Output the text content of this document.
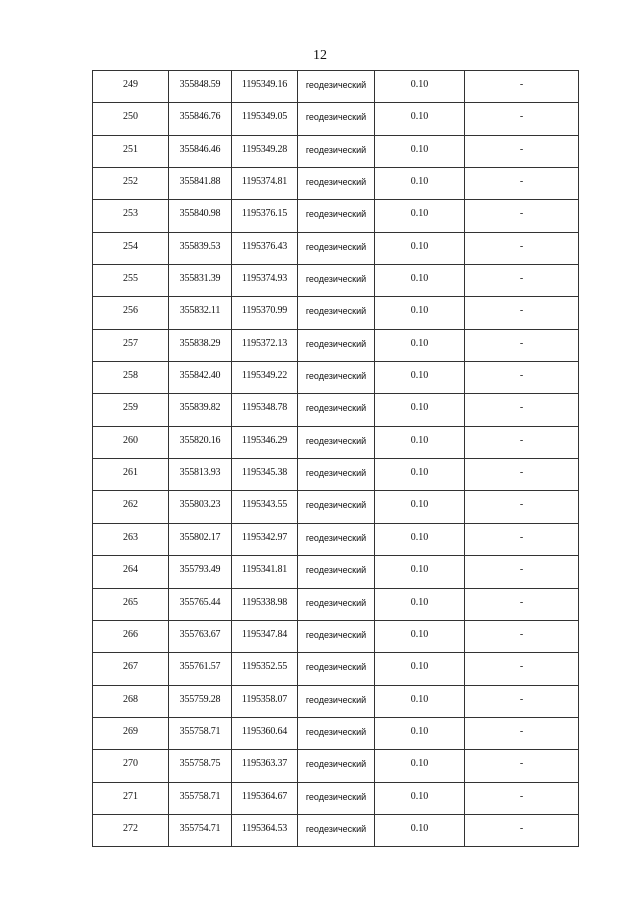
12
249	355848.59	1195349.16	геодезический	0.10	-
250	355846.76	1195349.05	геодезический	0.10	-
251	355846.46	1195349.28	геодезический	0.10	-
252	355841.88	1195374.81	геодезический	0.10	-
253	355840.98	1195376.15	геодезический	0.10	-
254	355839.53	1195376.43	геодезический	0.10	-
255	355831.39	1195374.93	геодезический	0.10	-
256	355832.11	1195370.99	геодезический	0.10	-
257	355838.29	1195372.13	геодезический	0.10	-
258	355842.40	1195349.22	геодезический	0.10	-
259	355839.82	1195348.78	геодезический	0.10	-
260	355820.16	1195346.29	геодезический	0.10	-
261	355813.93	1195345.38	геодезический	0.10	-
262	355803.23	1195343.55	геодезический	0.10	-
263	355802.17	1195342.97	геодезический	0.10	-
264	355793.49	1195341.81	геодезический	0.10	-
265	355765.44	1195338.98	геодезический	0.10	-
266	355763.67	1195347.84	геодезический	0.10	-
267	355761.57	1195352.55	геодезический	0.10	-
268	355759.28	1195358.07	геодезический	0.10	-
269	355758.71	1195360.64	геодезический	0.10	-
270	355758.75	1195363.37	геодезический	0.10	-
271	355758.71	1195364.67	геодезический	0.10	-
272	355754.71	1195364.53	геодезический	0.10	-
